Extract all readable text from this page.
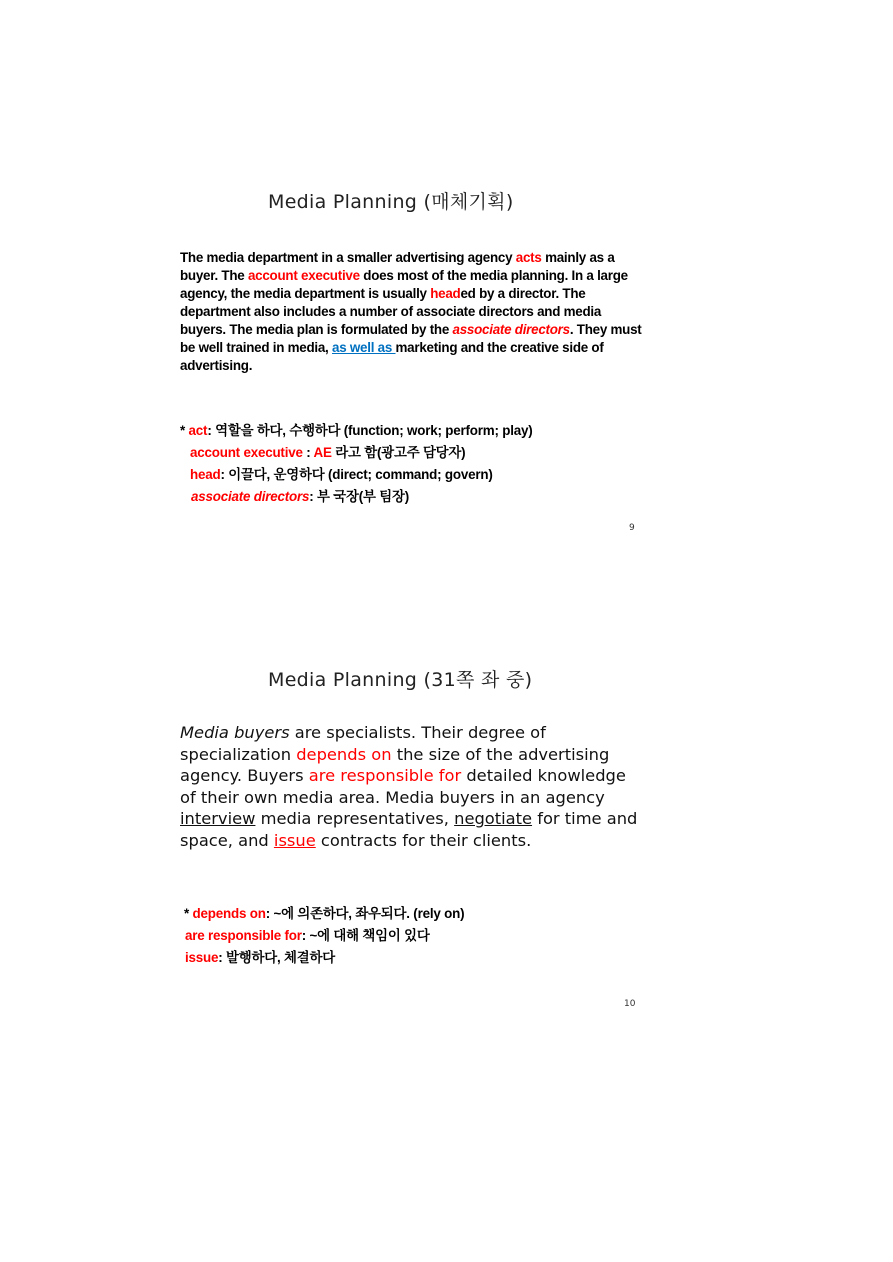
Media Planning (매체기획)
The media department in a smaller advertising agency acts mainly as a buyer. The account executive does most of the media planning. In a large agency, the media department is usually headed by a director. The department also includes a number of associate directors and media buyers. The media plan is formulated by the associate directors. They must be well trained in media, as well as marketing and the creative side of advertising.
* act: 역할을 하다, 수행하다 (function; work; perform; play)
account executive : AE 라고 함(광고주 담당자)
head: 이끌다, 운영하다 (direct; command; govern)
associate directors: 부 국장(부 팀장)
9
Media Planning (31쪽 좌 중)
Media buyers are specialists. Their degree of specialization depends on the size of the advertising agency. Buyers are responsible for detailed knowledge of their own media area. Media buyers in an agency interview media representatives, negotiate for time and space, and issue contracts for their clients.
* depends on: ~에 의존하다, 좌우되다. (rely on)
are responsible for: ~에 대해 책임이 있다
issue: 발행하다, 체결하다
10
